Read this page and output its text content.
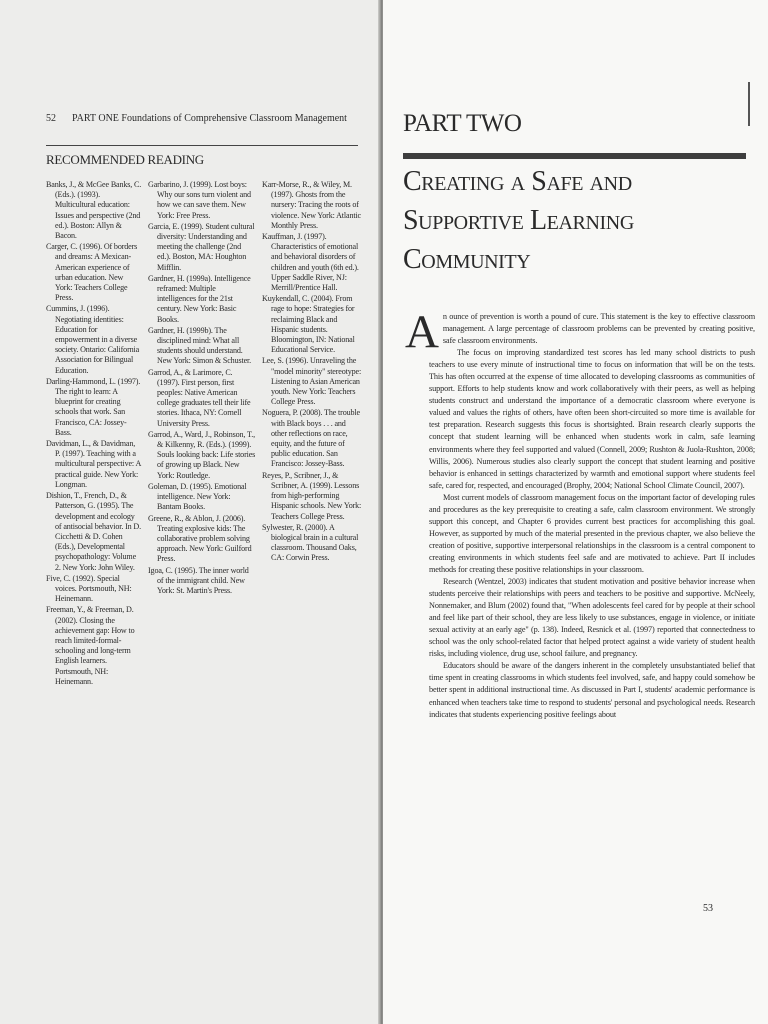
52 PART ONE Foundations of Comprehensive Classroom Management
RECOMMENDED READING

Banks, J., & McGee Banks, C. (Eds.). (1993). Multicultural education: Issues and perspective (2nd ed.). Boston: Allyn & Bacon.

Carger, C. (1996). Of borders and dreams: A Mexican-American experience of urban education. New York: Teachers College Press.

Cummins, J. (1996). Negotiating identities: Education for empowerment in a diverse society. Ontario: California Association for Bilingual Education.

Darling-Hammond, L. (1997). The right to learn: A blueprint for creating schools that work. San Francisco, CA: Jossey-Bass.

Davidman, L., & Davidman, P. (1997). Teaching with a multicultural perspective: A practical guide. New York: Longman.

Dishion, T., French, D., & Patterson, G. (1995). The development and ecology of antisocial behavior. In D. Cicchetti & D. Cohen (Eds.), Developmental psychopathology: Volume 2. New York: John Wiley.

Five, C. (1992). Special voices. Portsmouth, NH: Heinemann.

Freeman, Y., & Freeman, D. (2002). Closing the achievement gap: How to reach limited-formal-schooling and long-term English learners. Portsmouth, NH: Heinemann.

Garbarino, J. (1999). Lost boys: Why our sons turn violent and how we can save them. New York: Free Press.

Garcia, E. (1999). Student cultural diversity: Understanding and meeting the challenge (2nd ed.). Boston, MA: Houghton Mifflin.

Gardner, H. (1999a). Intelligence reframed: Multiple intelligences for the 21st century. New York: Basic Books.

Gardner, H. (1999b). The disciplined mind: What all students should understand. New York: Simon & Schuster.

Garrod, A., & Larimore, C. (1997). First person, first peoples: Native American college graduates tell their life stories. Ithaca, NY: Cornell University Press.

Garrod, A., Ward, J., Robinson, T., & Kilkenny, R. (Eds.). (1999). Souls looking back: Life stories of growing up Black. New York: Routledge.

Goleman, D. (1995). Emotional intelligence. New York: Bantam Books.

Greene, R., & Ablon, J. (2006). Treating explosive kids: The collaborative problem solving approach. New York: Guilford Press.

Igoa, C. (1995). The inner world of the immigrant child. New York: St. Martin's Press.

Karr-Morse, R., & Wiley, M. (1997). Ghosts from the nursery: Tracing the roots of violence. New York: Atlantic Monthly Press.

Kauffman, J. (1997). Characteristics of emotional and behavioral disorders of children and youth (6th ed.). Upper Saddle River, NJ: Merrill/Prentice Hall.

Kuykendall, C. (2004). From rage to hope: Strategies for reclaiming Black and Hispanic students. Bloomington, IN: National Educational Service.

Lee, S. (1996). Unraveling the "model minority" stereotype: Listening to Asian American youth. New York: Teachers College Press.

Noguera, P. (2008). The trouble with Black boys . . . and other reflections on race, equity, and the future of public education. San Francisco: Jossey-Bass.

Reyes, P., Scribner, J., & Scribner, A. (1999). Lessons from high-performing Hispanic schools. New York: Teachers College Press.

Sylwester, R. (2000). A biological brain in a cultural classroom. Thousand Oaks, CA: Corwin Press.

PART TWO
Creating a Safe and
Supportive Learning
Community

An ounce of prevention is worth a pound of cure. This statement is the key to effective classroom management. A large percentage of classroom problems can be prevented by creating positive, safe classroom environments.

The focus on improving standardized test scores has led many school districts to push teachers to use every minute of instructional time to focus on information that will be on the tests. This has often occurred at the expense of time allocated to developing classrooms as communities of support. Efforts to help students know and work collaboratively with their peers, as well as helping students construct and understand the importance of a democratic classroom where everyone is valued and values the rights of others, have often been short-circuited so more time is available for test preparation. Research suggests this focus is shortsighted. Brain research clearly supports the concept that student learning will be enhanced when students work in calm, safe learning environments where they feel supported and valued (Connell, 2009; Rushton & Juola-Rushton, 2008; Willis, 2006). Numerous studies also clearly support the concept that student learning and positive behavior is enhanced in settings characterized by warmth and emotional support where students feel safe, cared for, respected, and encouraged (Brophy, 2004; National School Climate Council, 2007).

Most current models of classroom management focus on the important factor of developing rules and procedures as the key prerequisite to creating a safe, calm classroom environment. We strongly support this concept, and Chapter 6 provides current best practices for accomplishing this goal. However, as supported by much of the material presented in the previous chapter, we also believe the creation of positive, supportive interpersonal relationships in the classroom is a central component to creating environments in which students feel safe and are motivated to achieve. Part II includes methods for creating these positive relationships in your classroom.

Research (Wentzel, 2003) indicates that student motivation and positive behavior increase when students perceive their relationships with peers and teachers to be positive and supportive. McNeely, Nonnemaker, and Blum (2002) found that, "When adolescents feel cared for by people at their school and feel like part of their school, they are less likely to use substances, engage in violence, or initiate sexual activity at an early age" (p. 138). Indeed, Resnick et al. (1997) reported that connectedness to school was the only school-related factor that helped protect against a wide variety of student health risks, including violence, drug use, school failure, and pregnancy.

Educators should be aware of the dangers inherent in the completely unsubstantiated belief that time spent in creating classrooms in which students feel involved, safe, and happy could somehow be better spent in additional instructional time. As discussed in Part I, students' academic performance is enhanced when teachers take time to respond to students' personal and psychological needs. Research indicates that students experiencing positive feelings about

53
